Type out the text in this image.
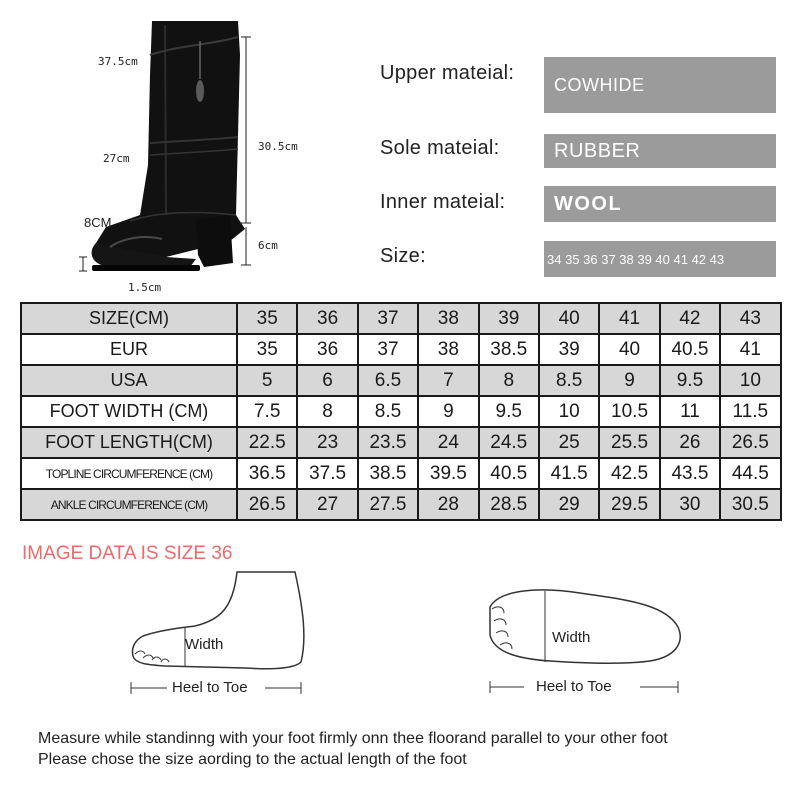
37.5cm
30.5cm
27cm
8CM
6cm
1.5cm
Upper mateial:
COWHIDE
Sole mateial:	RUBBER
Inner mateial: WOOL
Size:	34 35 36 37 38 39 40 41 42 43
SIZE(CM)	35	36	37	38	39	40	41	42	43
EUR	35	36	37	38	38.5	39	40	40.5	41
USA	5	6	6.5	7	8	8.5	9	9.5	10
FOOT WIDTH (CM)	7.5	8	8.5	9	9.5	10	10.5	11	11.5
FOOT LENGTH(CM)	22.5	23	23.5	24	24.5	25	25.5	26	26.5
TOPLINE CIRCUMFERENCE (CM)	36.5	37.5	38.5	39.5	40.5	41.5	42.5	43.5	44.5
ANKLE CIRCUMFERENCE (CM)	26.5	27	27.5	28	28.5	29	29.5	30	30.5
IMAGE DATA IS SIZE 36
Width
Heel to Toe
Width
Heel to Toe
Measure while standinng with your foot firmly onn thee floorand parallel to your other foot
Please chose the size aording to the actual length of the foot
